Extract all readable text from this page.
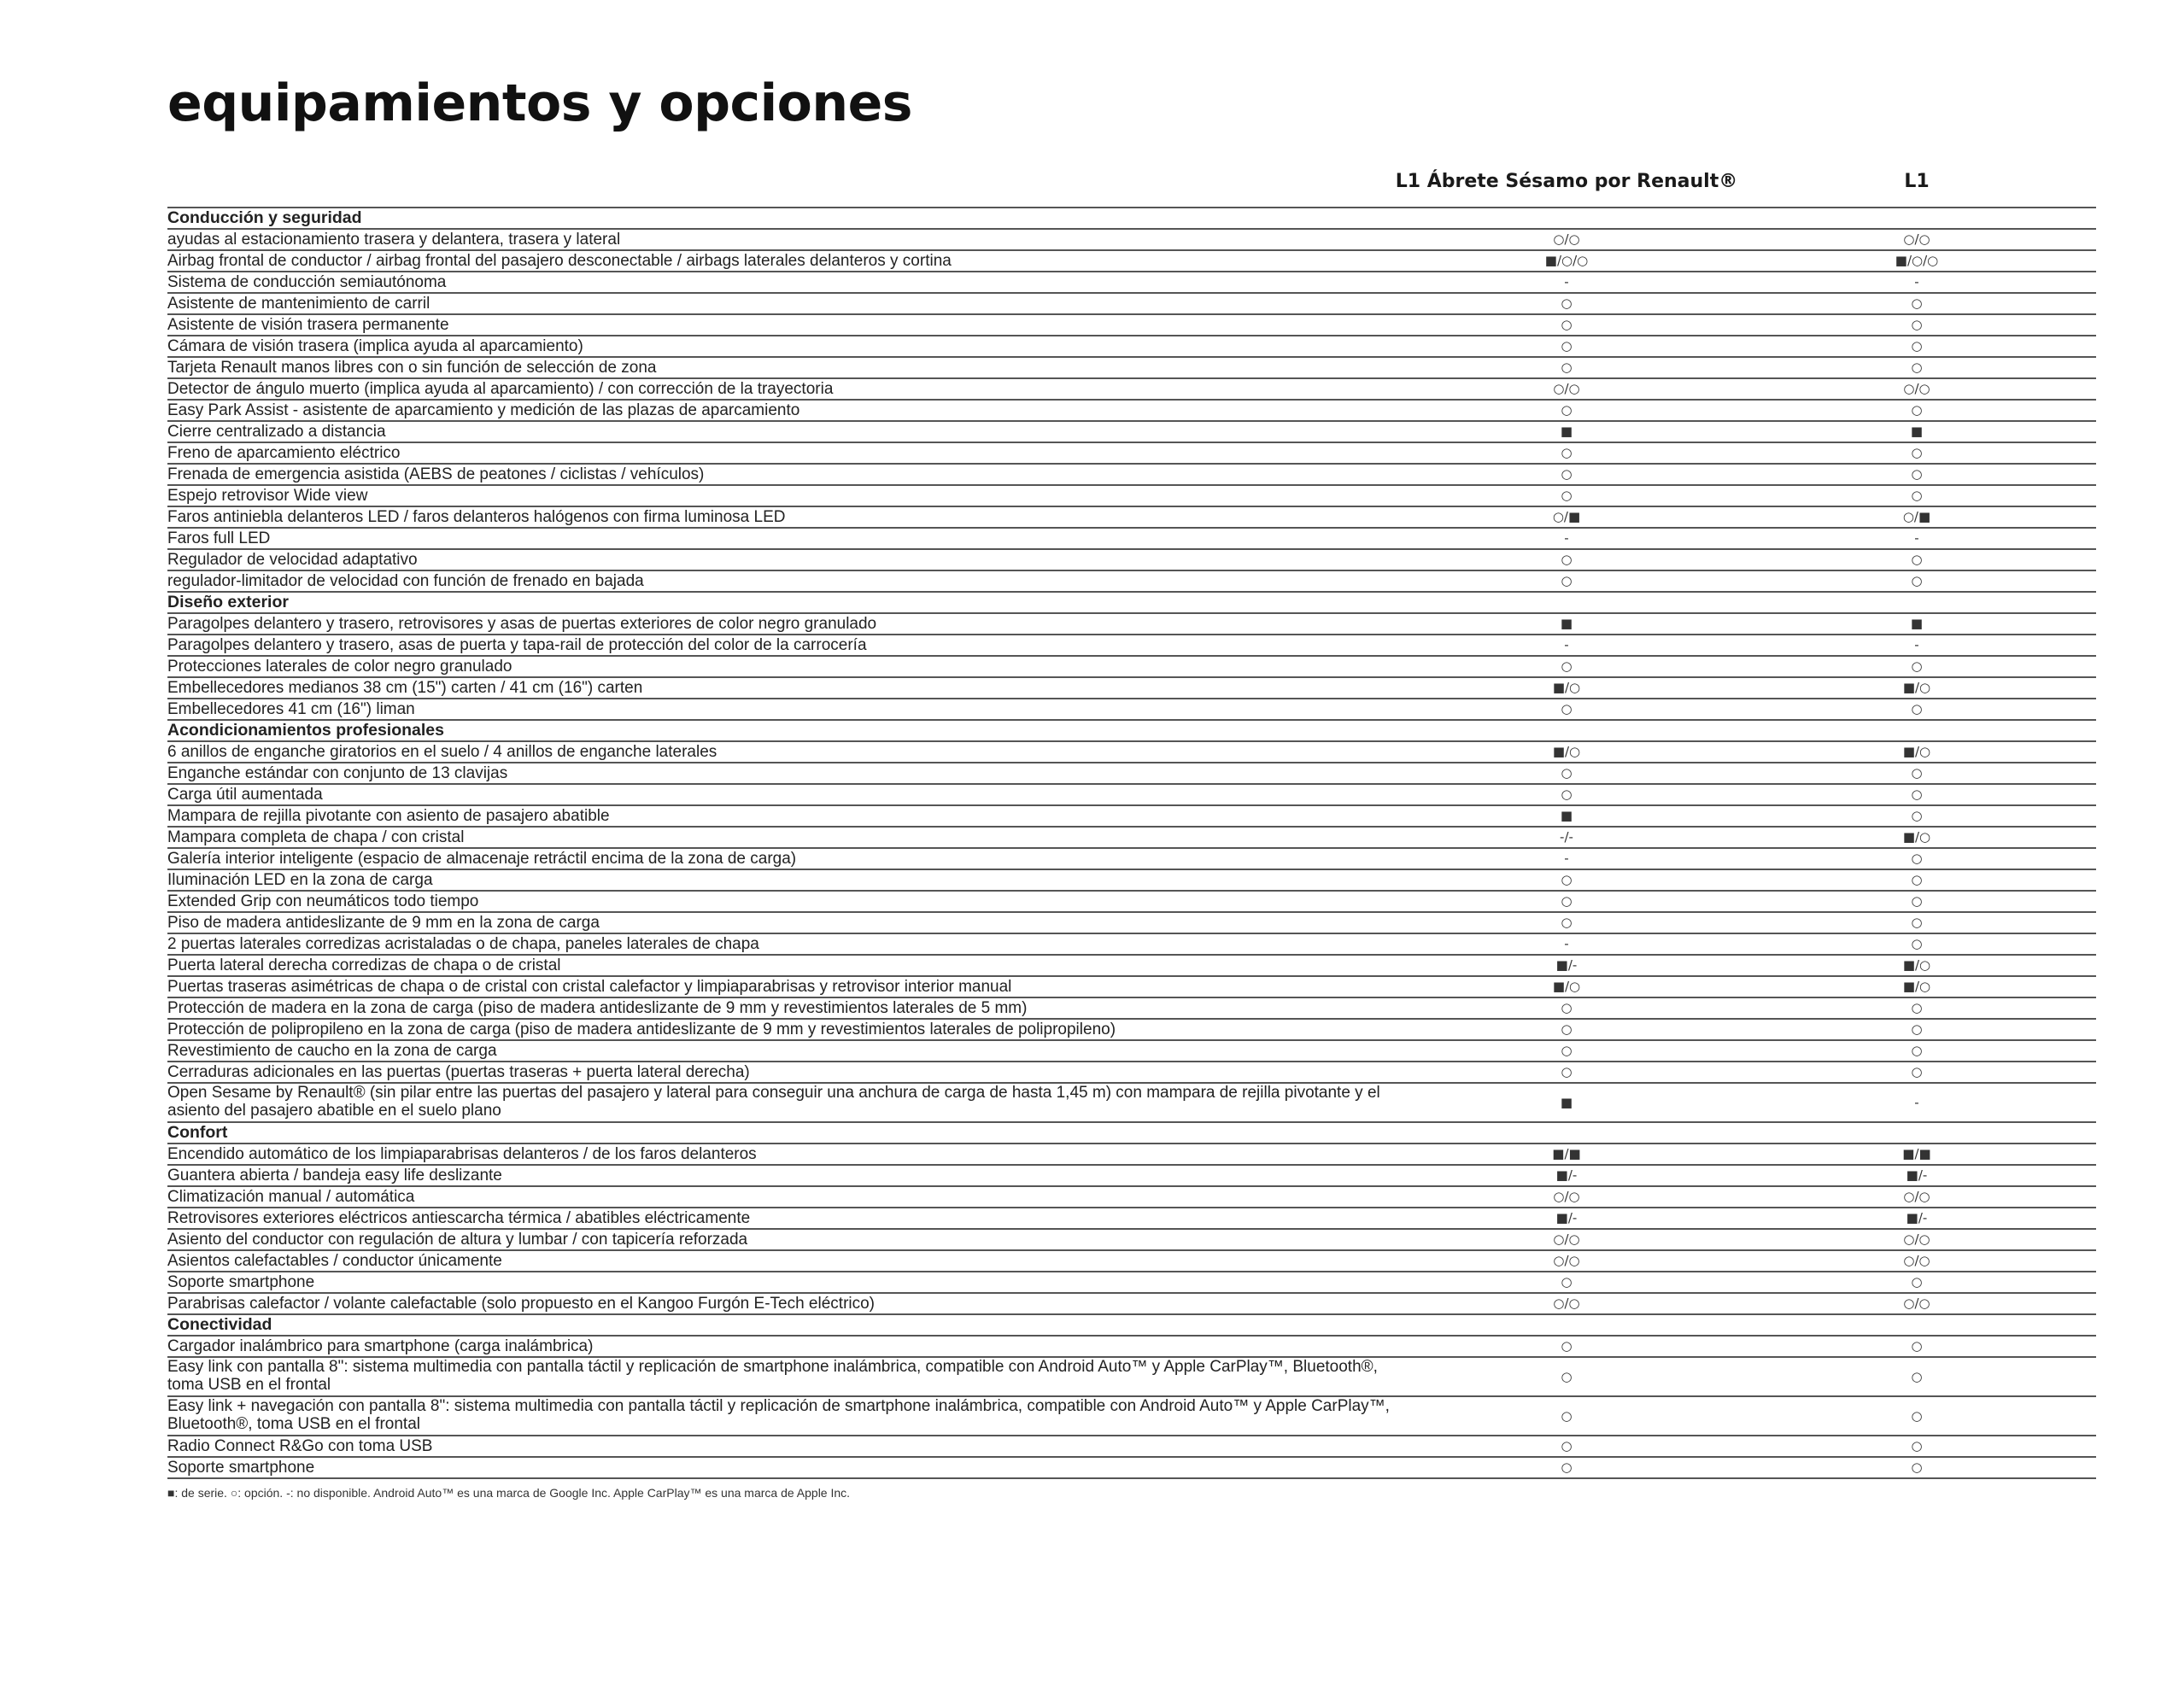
equipamientos y opciones
L1 Ábrete Sésamo por Renault®	L1
Conducción y seguridad
ayudas al estacionamiento trasera y delantera, trasera y lateral	○/○	○/○
Airbag frontal de conductor / airbag frontal del pasajero desconectable / airbags laterales delanteros y cortina	■/○/○	■/○/○
Sistema de conducción semiautónoma	-	-
Asistente de mantenimiento de carril	○	○
Asistente de visión trasera permanente	○	○
Cámara de visión trasera (implica ayuda al aparcamiento)	○	○
Tarjeta Renault manos libres con o sin función de selección de zona	○	○
Detector de ángulo muerto (implica ayuda al aparcamiento) / con corrección de la trayectoria	○/○	○/○
Easy Park Assist - asistente de aparcamiento y medición de las plazas de aparcamiento	○	○
Cierre centralizado a distancia	■	■
Freno de aparcamiento eléctrico	○	○
Frenada de emergencia asistida (AEBS de peatones / ciclistas / vehículos)	○	○
Espejo retrovisor Wide view	○	○
Faros antiniebla delanteros LED / faros delanteros halógenos con firma luminosa LED	○/■	○/■
Faros full LED	-	-
Regulador de velocidad adaptativo	○	○
regulador-limitador de velocidad con función de frenado en bajada	○	○
Diseño exterior
Paragolpes delantero y trasero, retrovisores y asas de puertas exteriores de color negro granulado	■	■
Paragolpes delantero y trasero, asas de puerta y tapa-rail de protección del color de la carrocería	-	-
Protecciones laterales de color negro granulado	○	○
Embellecedores medianos 38 cm (15") carten / 41 cm (16") carten	■/○	■/○
Embellecedores 41 cm (16") liman	○	○
Acondicionamientos profesionales
6 anillos de enganche giratorios en el suelo / 4 anillos de enganche laterales	■/○	■/○
Enganche estándar con conjunto de 13 clavijas	○	○
Carga útil aumentada	○	○
Mampara de rejilla pivotante con asiento de pasajero abatible	■	○
Mampara completa de chapa / con cristal	-/-	■/○
Galería interior inteligente (espacio de almacenaje retráctil encima de la zona de carga)	-	○
Iluminación LED en la zona de carga	○	○
Extended Grip con neumáticos todo tiempo	○	○
Piso de madera antideslizante de 9 mm en la zona de carga	○	○
2 puertas laterales corredizas acristaladas o de chapa, paneles laterales de chapa	-	○
Puerta lateral derecha corredizas de chapa o de cristal	■/-	■/○
Puertas traseras asimétricas de chapa o de cristal con cristal calefactor y limpiaparabrisas y retrovisor interior manual	■/○	■/○
Protección de madera en la zona de carga (piso de madera antideslizante de 9 mm y revestimientos laterales de 5 mm)	○	○
Protección de polipropileno en la zona de carga (piso de madera antideslizante de 9 mm y revestimientos laterales de polipropileno)	○	○
Revestimiento de caucho en la zona de carga	○	○
Cerraduras adicionales en las puertas (puertas traseras + puerta lateral derecha)	○	○
Open Sesame by Renault® (sin pilar entre las puertas del pasajero y lateral para conseguir una anchura de carga de hasta 1,45 m) con mampara de rejilla pivotante y el asiento del pasajero abatible en el suelo plano	■	-
Confort
Encendido automático de los limpiaparabrisas delanteros / de los faros delanteros	■/■	■/■
Guantera abierta / bandeja easy life deslizante	■/-	■/-
Climatización manual / automática	○/○	○/○
Retrovisores exteriores eléctricos antiescarcha térmica / abatibles eléctricamente	■/-	■/-
Asiento del conductor con regulación de altura y lumbar / con tapicería reforzada	○/○	○/○
Asientos calefactables / conductor únicamente	○/○	○/○
Soporte smartphone	○	○
Parabrisas calefactor / volante calefactable (solo propuesto en el Kangoo Furgón E-Tech eléctrico)	○/○	○/○
Conectividad
Cargador inalámbrico para smartphone (carga inalámbrica)	○	○
Easy link con pantalla 8": sistema multimedia con pantalla táctil y replicación de smartphone inalámbrica, compatible con Android Auto™ y Apple CarPlay™, Bluetooth®, toma USB en el frontal	○	○
Easy link + navegación con pantalla 8": sistema multimedia con pantalla táctil y replicación de smartphone inalámbrica, compatible con Android Auto™ y Apple CarPlay™, Bluetooth®, toma USB en el frontal	○	○
Radio Connect R&Go con toma USB	○	○
Soporte smartphone	○	○
■: de serie. ○: opción. -: no disponible. Android Auto™ es una marca de Google Inc. Apple CarPlay™ es una marca de Apple Inc.
